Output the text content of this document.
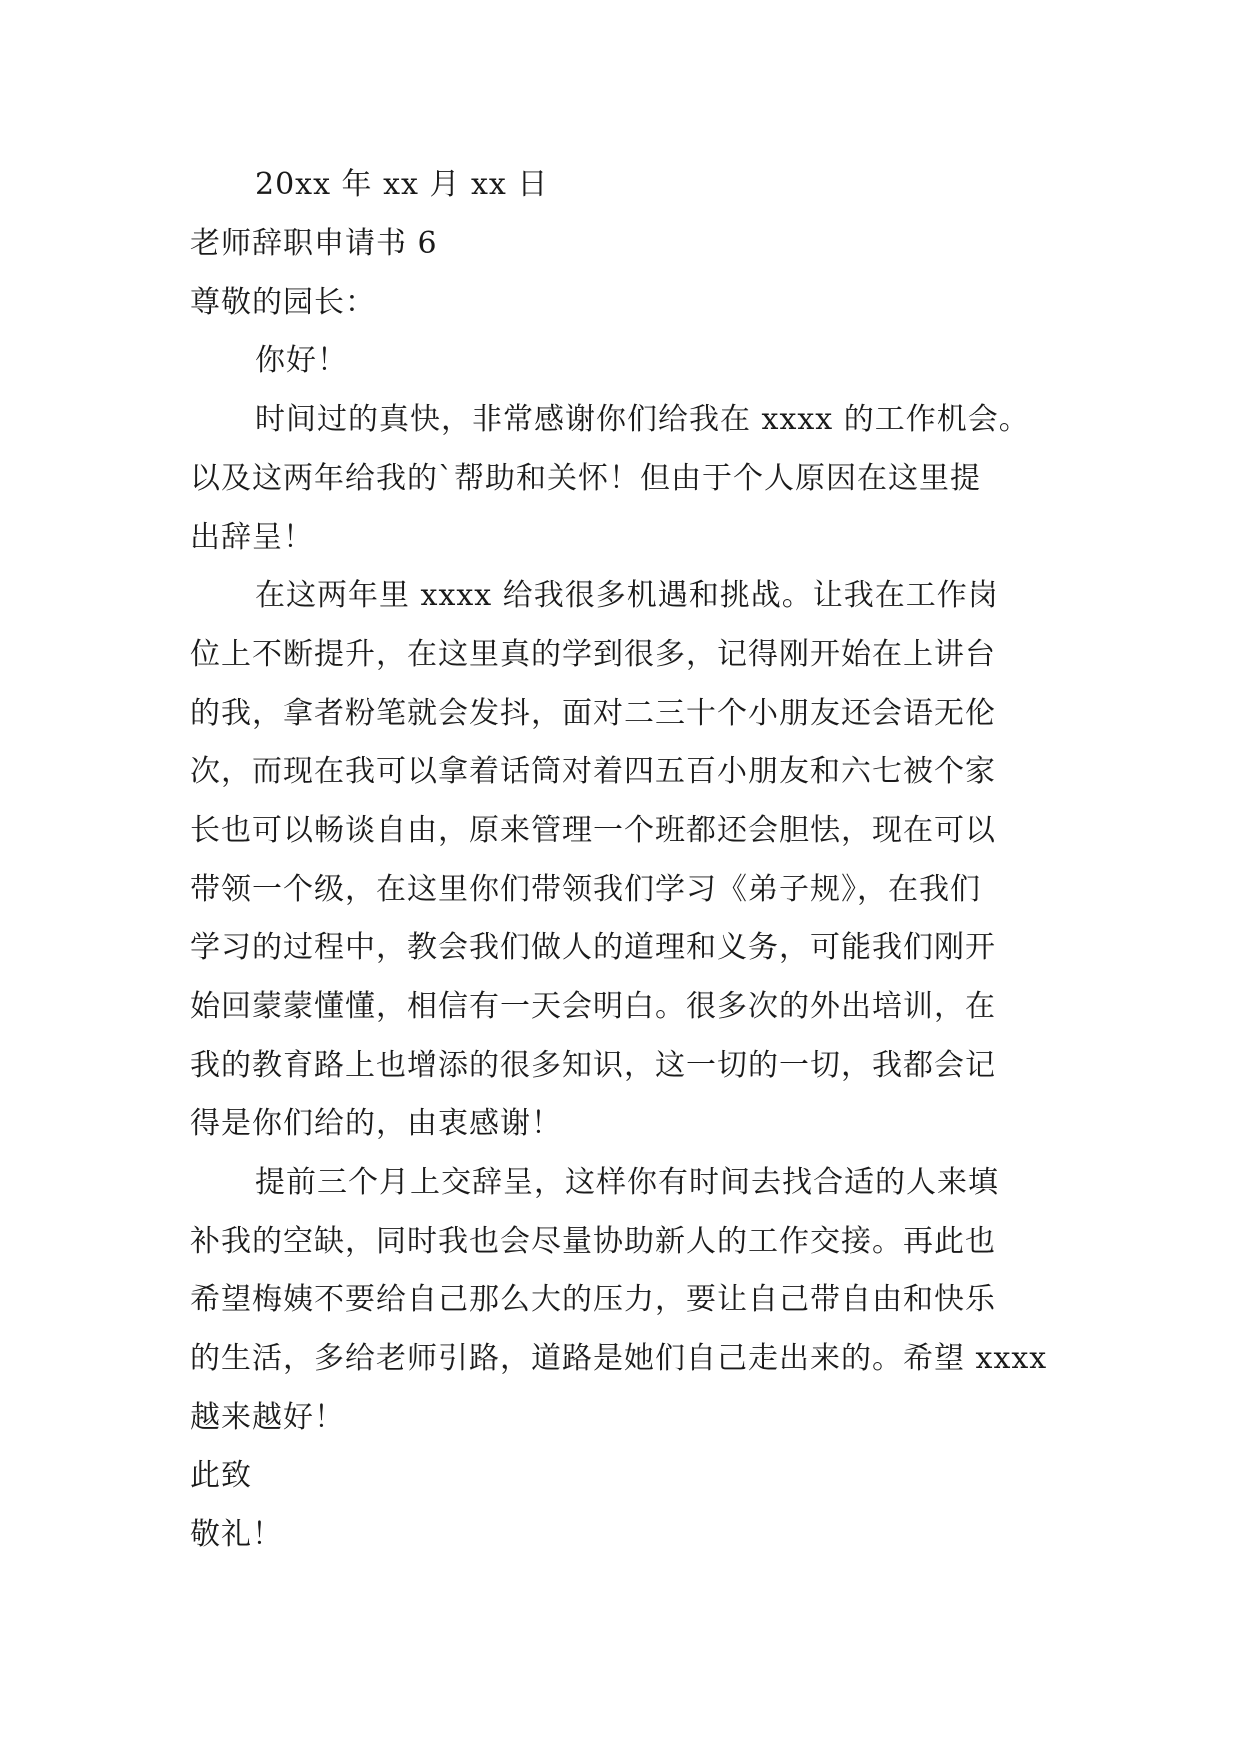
20xx 年 xx 月 xx 日
老师辞职申请书 6
尊敬的园长：
你好！
时间过的真快，非常感谢你们给我在 xxxx 的工作机会。
以及这两年给我的`帮助和关怀！但由于个人原因在这里提
出辞呈！
在这两年里 xxxx 给我很多机遇和挑战。让我在工作岗
位上不断提升，在这里真的学到很多，记得刚开始在上讲台
的我，拿者粉笔就会发抖，面对二三十个小朋友还会语无伦
次，而现在我可以拿着话筒对着四五百小朋友和六七被个家
长也可以畅谈自由，原来管理一个班都还会胆怯，现在可以
带领一个级，在这里你们带领我们学习《弟子规》，在我们
学习的过程中，教会我们做人的道理和义务，可能我们刚开
始回蒙蒙懂懂，相信有一天会明白。很多次的外出培训，在
我的教育路上也增添的很多知识，这一切的一切，我都会记
得是你们给的，由衷感谢！
提前三个月上交辞呈，这样你有时间去找合适的人来填
补我的空缺，同时我也会尽量协助新人的工作交接。再此也
希望梅姨不要给自己那么大的压力，要让自己带自由和快乐
的生活，多给老师引路，道路是她们自己走出来的。希望 xxxx
越来越好！
此致
敬礼！
